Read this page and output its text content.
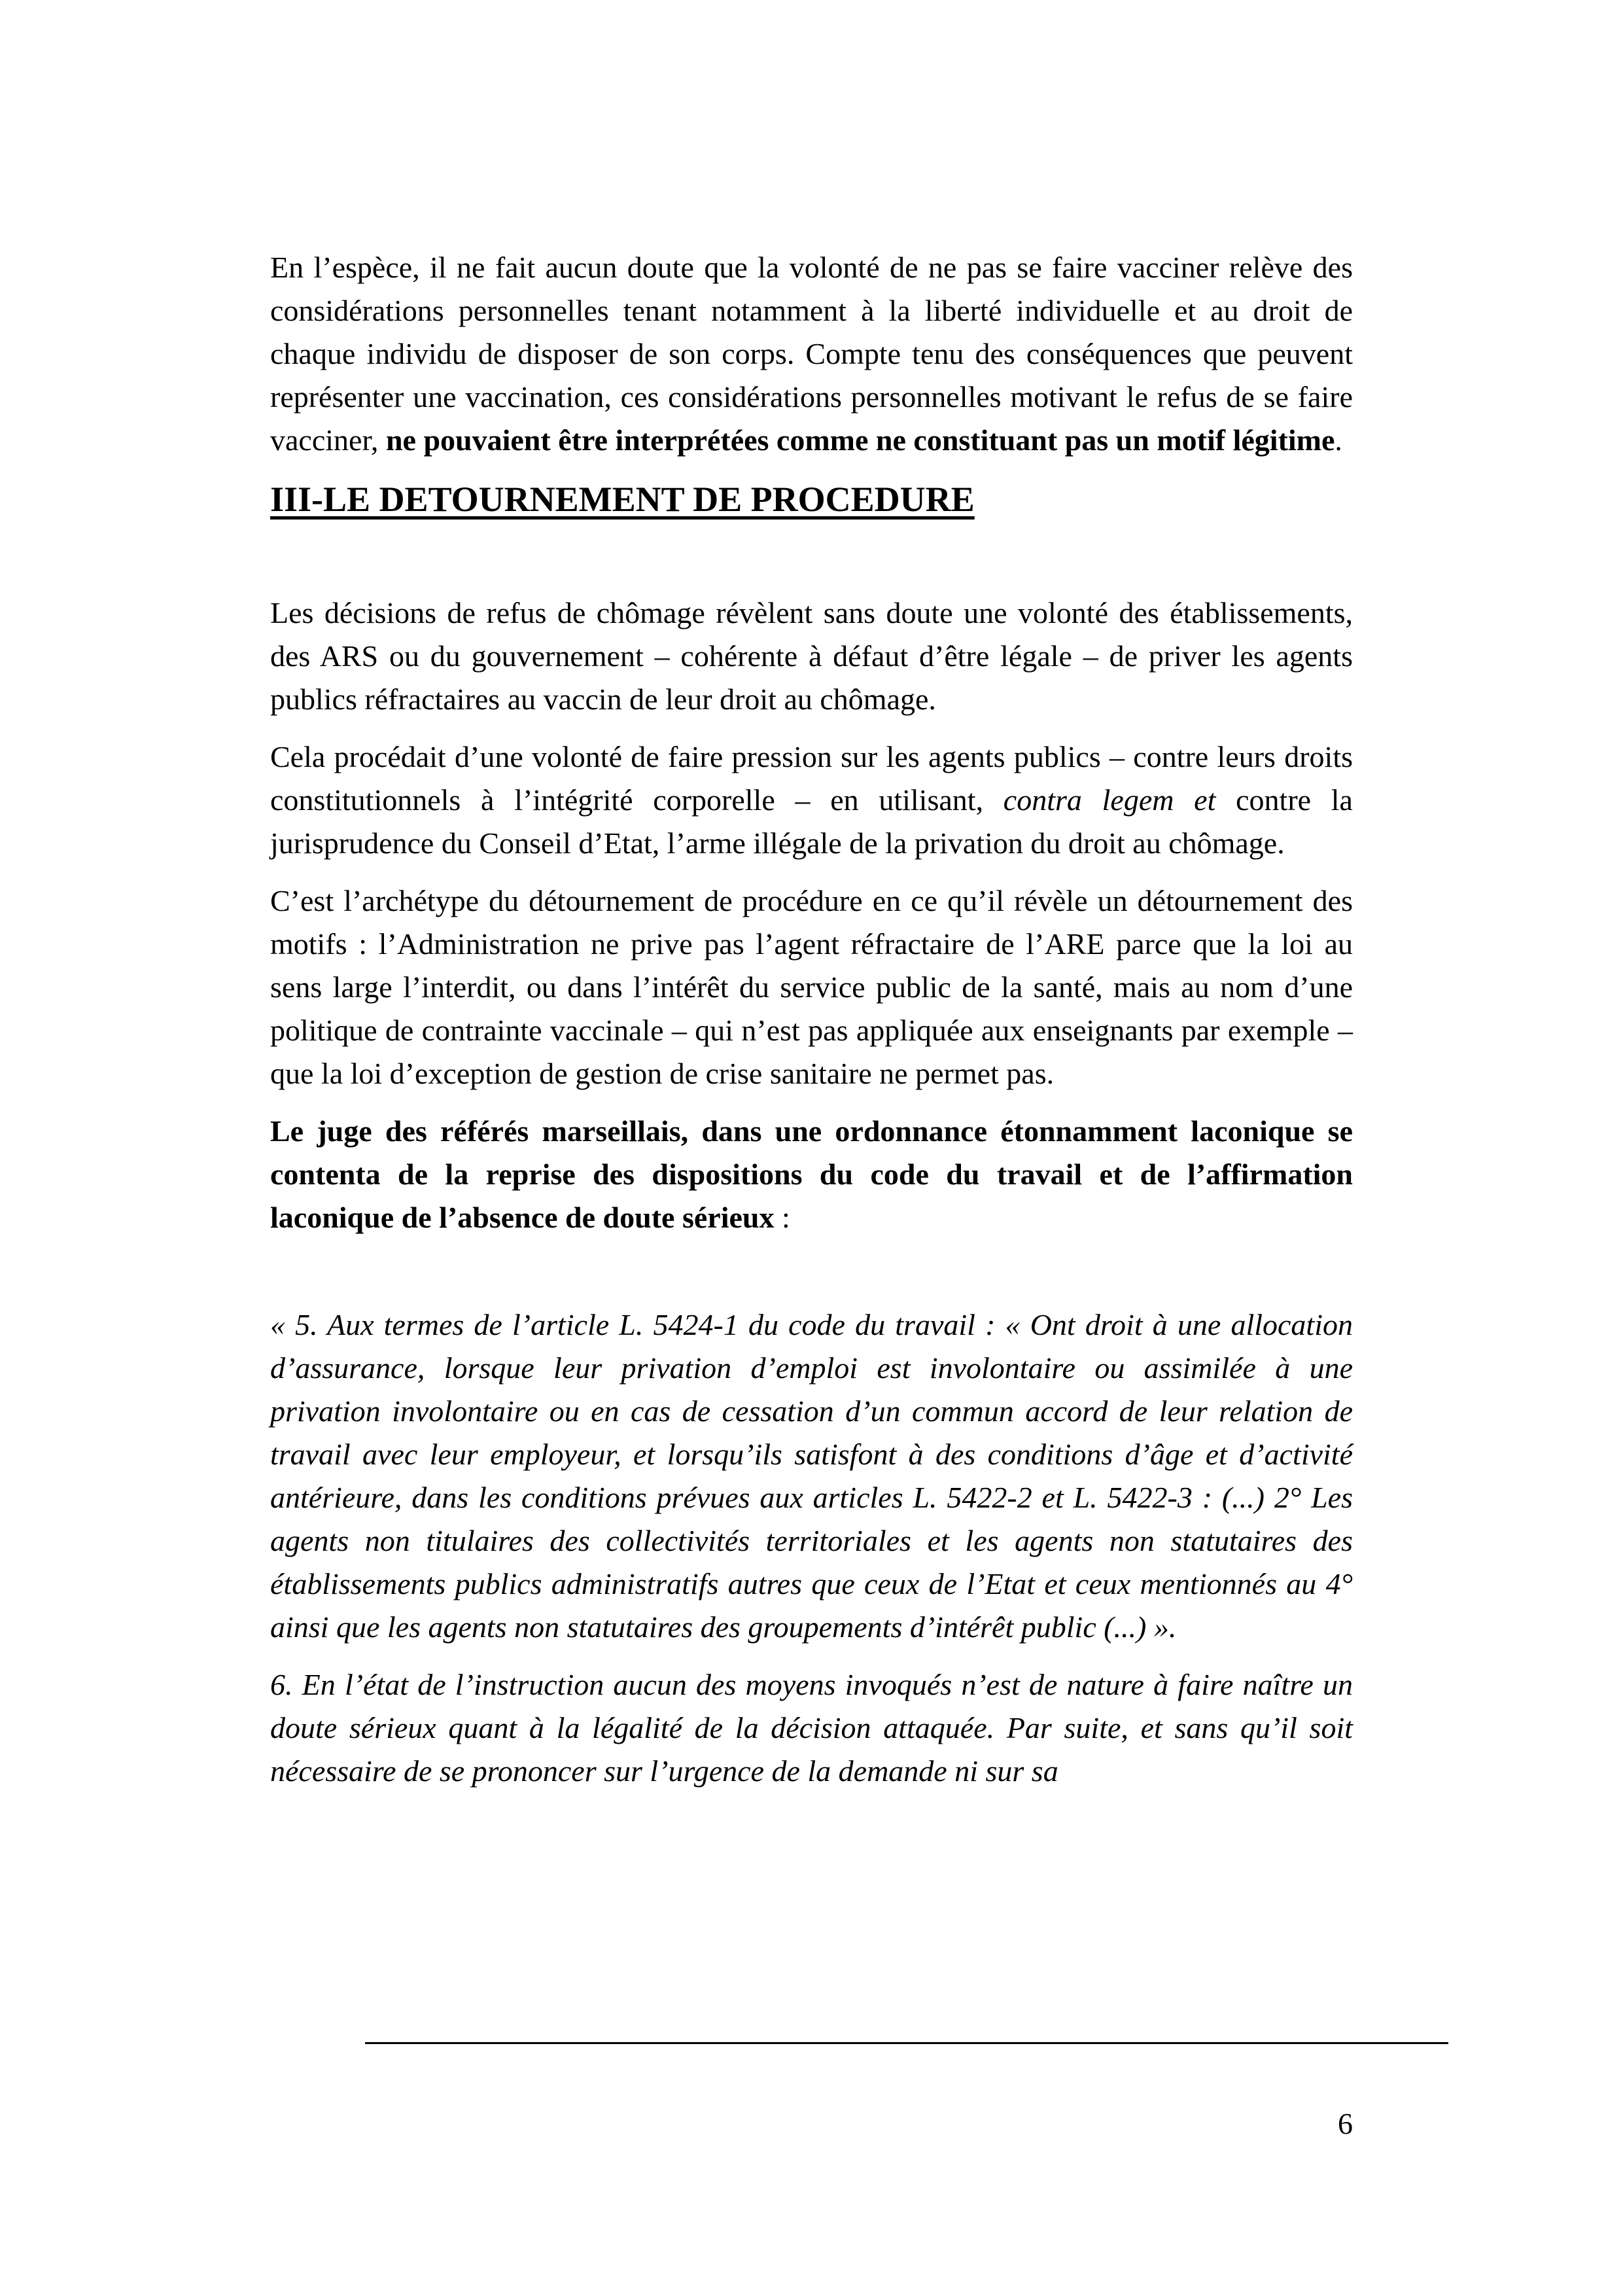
En l’espèce, il ne fait aucun doute que la volonté de ne pas se faire vacciner relève des considérations personnelles tenant notamment à la liberté individuelle et au droit de chaque individu de disposer de son corps. Compte tenu des conséquences que peuvent représenter une vaccination, ces considérations personnelles motivant le refus de se faire vacciner, ne pouvaient être interprétées comme ne constituant pas un motif légitime.

III-LE DETOURNEMENT DE PROCEDURE

Les décisions de refus de chômage révèlent sans doute une volonté des établissements, des ARS ou du gouvernement – cohérente à défaut d’être légale – de priver les agents publics réfractaires au vaccin de leur droit au chômage.

Cela procédait d’une volonté de faire pression sur les agents publics – contre leurs droits constitutionnels à l’intégrité corporelle – en utilisant, contra legem et contre la jurisprudence du Conseil d’Etat, l’arme illégale de la privation du droit au chômage.

C’est l’archétype du détournement de procédure en ce qu’il révèle un détournement des motifs : l’Administration ne prive pas l’agent réfractaire de l’ARE parce que la loi au sens large l’interdit, ou dans l’intérêt du service public de la santé, mais au nom d’une politique de contrainte vaccinale – qui n’est pas appliquée aux enseignants par exemple – que la loi d’exception de gestion de crise sanitaire ne permet pas.

Le juge des référés marseillais, dans une ordonnance étonnamment laconique se contenta de la reprise des dispositions du code du travail et de l’affirmation laconique de l’absence de doute sérieux :

« 5. Aux termes de l’article L. 5424-1 du code du travail : « Ont droit à une allocation d’assurance, lorsque leur privation d’emploi est involontaire ou assimilée à une privation involontaire ou en cas de cessation d’un commun accord de leur relation de travail avec leur employeur, et lorsqu’ils satisfont à des conditions d’âge et d’activité antérieure, dans les conditions prévues aux articles L. 5422-2 et L. 5422-3 : (...) 2° Les agents non titulaires des collectivités territoriales et les agents non statutaires des établissements publics administratifs autres que ceux de l’Etat et ceux mentionnés au 4° ainsi que les agents non statutaires des groupements d’intérêt public (...) ».

6. En l’état de l’instruction aucun des moyens invoqués n’est de nature à faire naître un doute sérieux quant à la légalité de la décision attaquée. Par suite, et sans qu’il soit nécessaire de se prononcer sur l’urgence de la demande ni sur sa

6
